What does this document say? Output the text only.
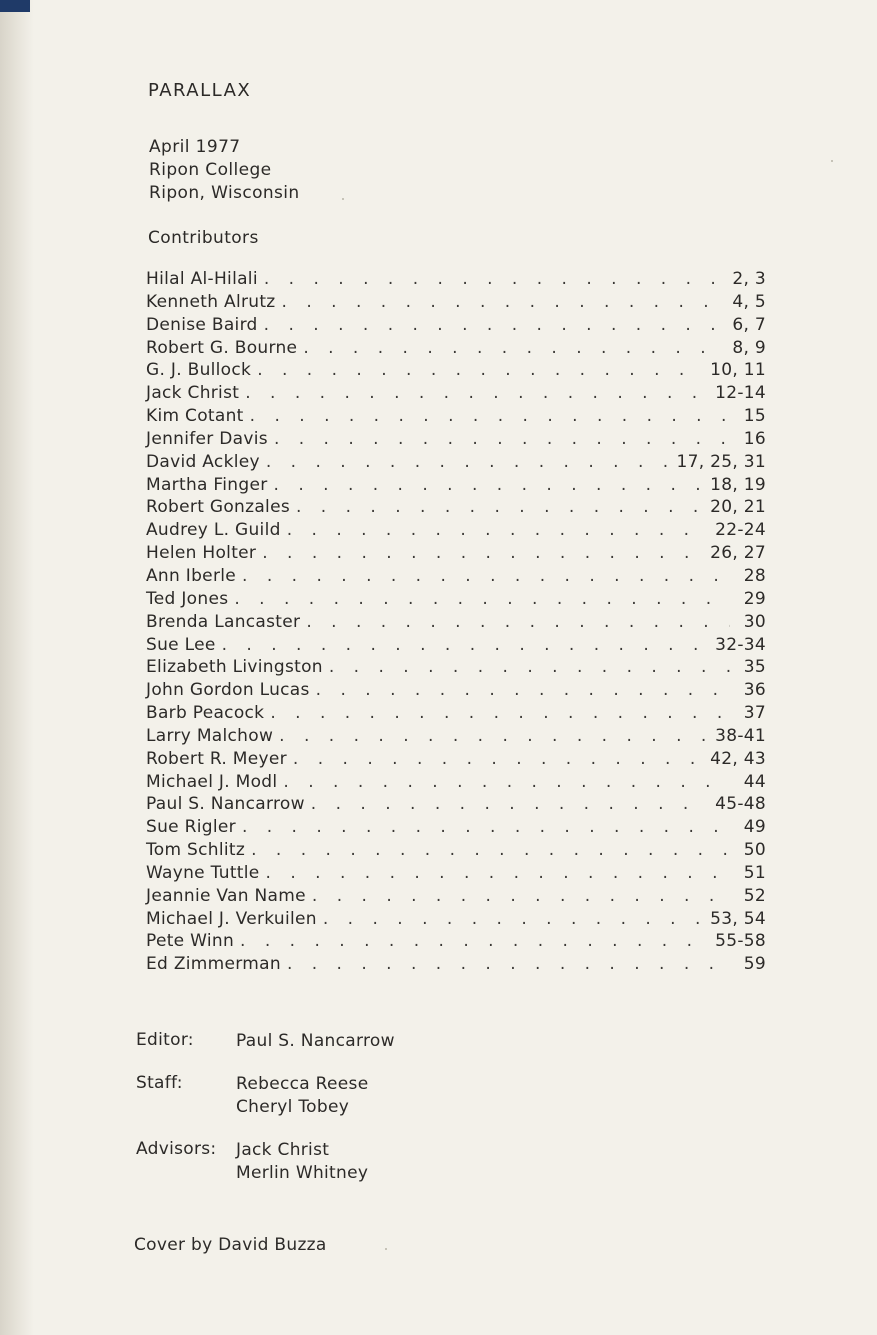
PARALLAX
April 1977
Ripon College
Ripon, Wisconsin
Contributors
Hilal Al-Hilali . . .	2, 3
Kenneth Alrutz . . .	4, 5
Denise Baird . . .	6, 7
Robert G. Bourne . . .	8, 9
G. J. Bullock . . .	10, 11
Jack Christ . . .	12-14
Kim Cotant . . .	15
Jennifer Davis . . .	16
David Ackley . . .	17, 25, 31
Martha Finger . . .	18, 19
Robert Gonzales . . .	20, 21
Audrey L. Guild . . .	22-24
Helen Holter . . .	26, 27
Ann Iberle . . .	28
Ted Jones . . .	29
Brenda Lancaster . . .	30
Sue Lee . . .	32-34
Elizabeth Livingston . . .	35
John Gordon Lucas . . .	36
Barb Peacock . . .	37
Larry Malchow . . .	38-41
Robert R. Meyer . . .	42, 43
Michael J. Modl . . .	44
Paul S. Nancarrow . . .	45-48
Sue Rigler . . .	49
Tom Schlitz . . .	50
Wayne Tuttle . . .	51
Jeannie Van Name . . .	52
Michael J. Verkuilen . . .	53, 54
Pete Winn . . .	55-58
Ed Zimmerman . . .	59
Editor:	Paul S. Nancarrow
Staff:	Rebecca Reese
Cheryl Tobey
Advisors:	Jack Christ
Merlin Whitney
Cover by David Buzza
